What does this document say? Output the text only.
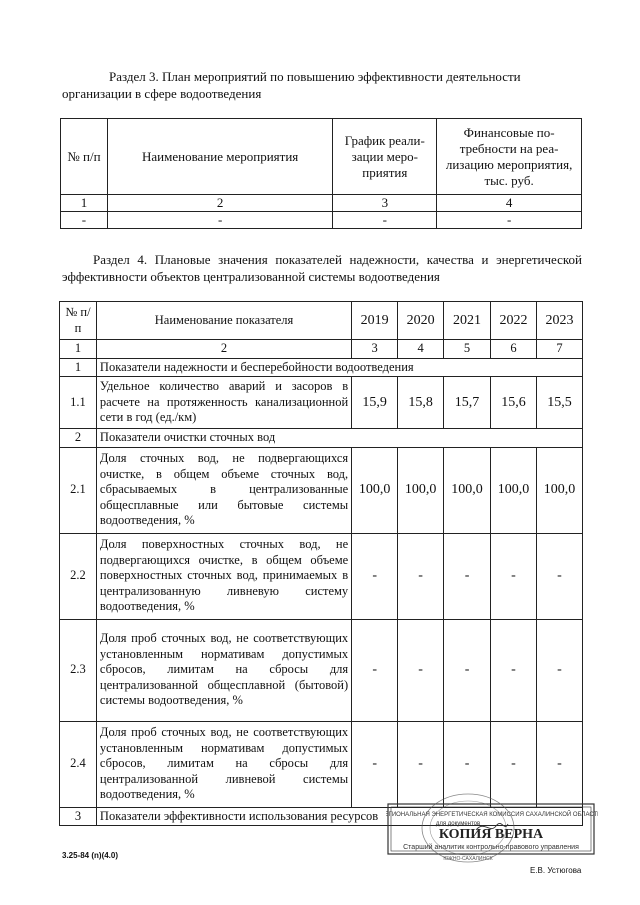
Раздел 3. План мероприятий по повышению эффективности деятельности
организации в сфере водоотведения
№ п/п	Наименование мероприятия	График реализации мероприятия	Финансовые потребности на реализацию мероприятия, тыс. руб.
1	2	3	4
-	-	-	-
Раздел 4. Плановые значения показателей надежности, качества и энергетической эффективности объектов централизованной системы водоотведения
№ п/п	Наименование показателя	2019	2020	2021	2022	2023
1	2	3	4	5	6	7
1	Показатели надежности и бесперебойности водоотведения					
1.1	Удельное количество аварий и засоров в расчете на протяженность канализационной сети в год (ед./км)	15,9	15,8	15,7	15,6	15,5
2	Показатели очистки сточных вод					
2.1	Доля сточных вод, не подвергающихся очистке, в общем объеме сточных вод, сбрасываемых в централизованные общесплавные или бытовые системы водоотведения, %	100,0	100,0	100,0	100,0	100,0
2.2	Доля поверхностных сточных вод, не подвергающихся очистке, в общем объеме поверхностных сточных вод, принимаемых в централизованную ливневую систему водоотведения, %	-	-	-	-	-
2.3	Доля проб сточных вод, не соответствующих установленным нормативам допустимых сбросов, лимитам на сбросы для централизованной общесплавной (бытовой) системы водоотведения, %	-	-	-	-	-
2.4	Доля проб сточных вод, не соответствующих установленным нормативам допустимых сбросов, лимитам на сбросы для централизованной ливневой системы водоотведения, %	-	-	-	-	-
3	Показатели эффективности использования ресурсов					
3.25-84 (n)(4.0)
РЕГИОНАЛЬНАЯ ЭНЕРГЕТИЧЕСКАЯ КОМИССИЯ САХАЛИНСКОЙ ОБЛАСТИ
для документов
КОПИЯ ВЕРНА
Старший аналитик контрольно-правового управления
ЮЖНО-САХАЛИНСК
Е.В. Устюгова
